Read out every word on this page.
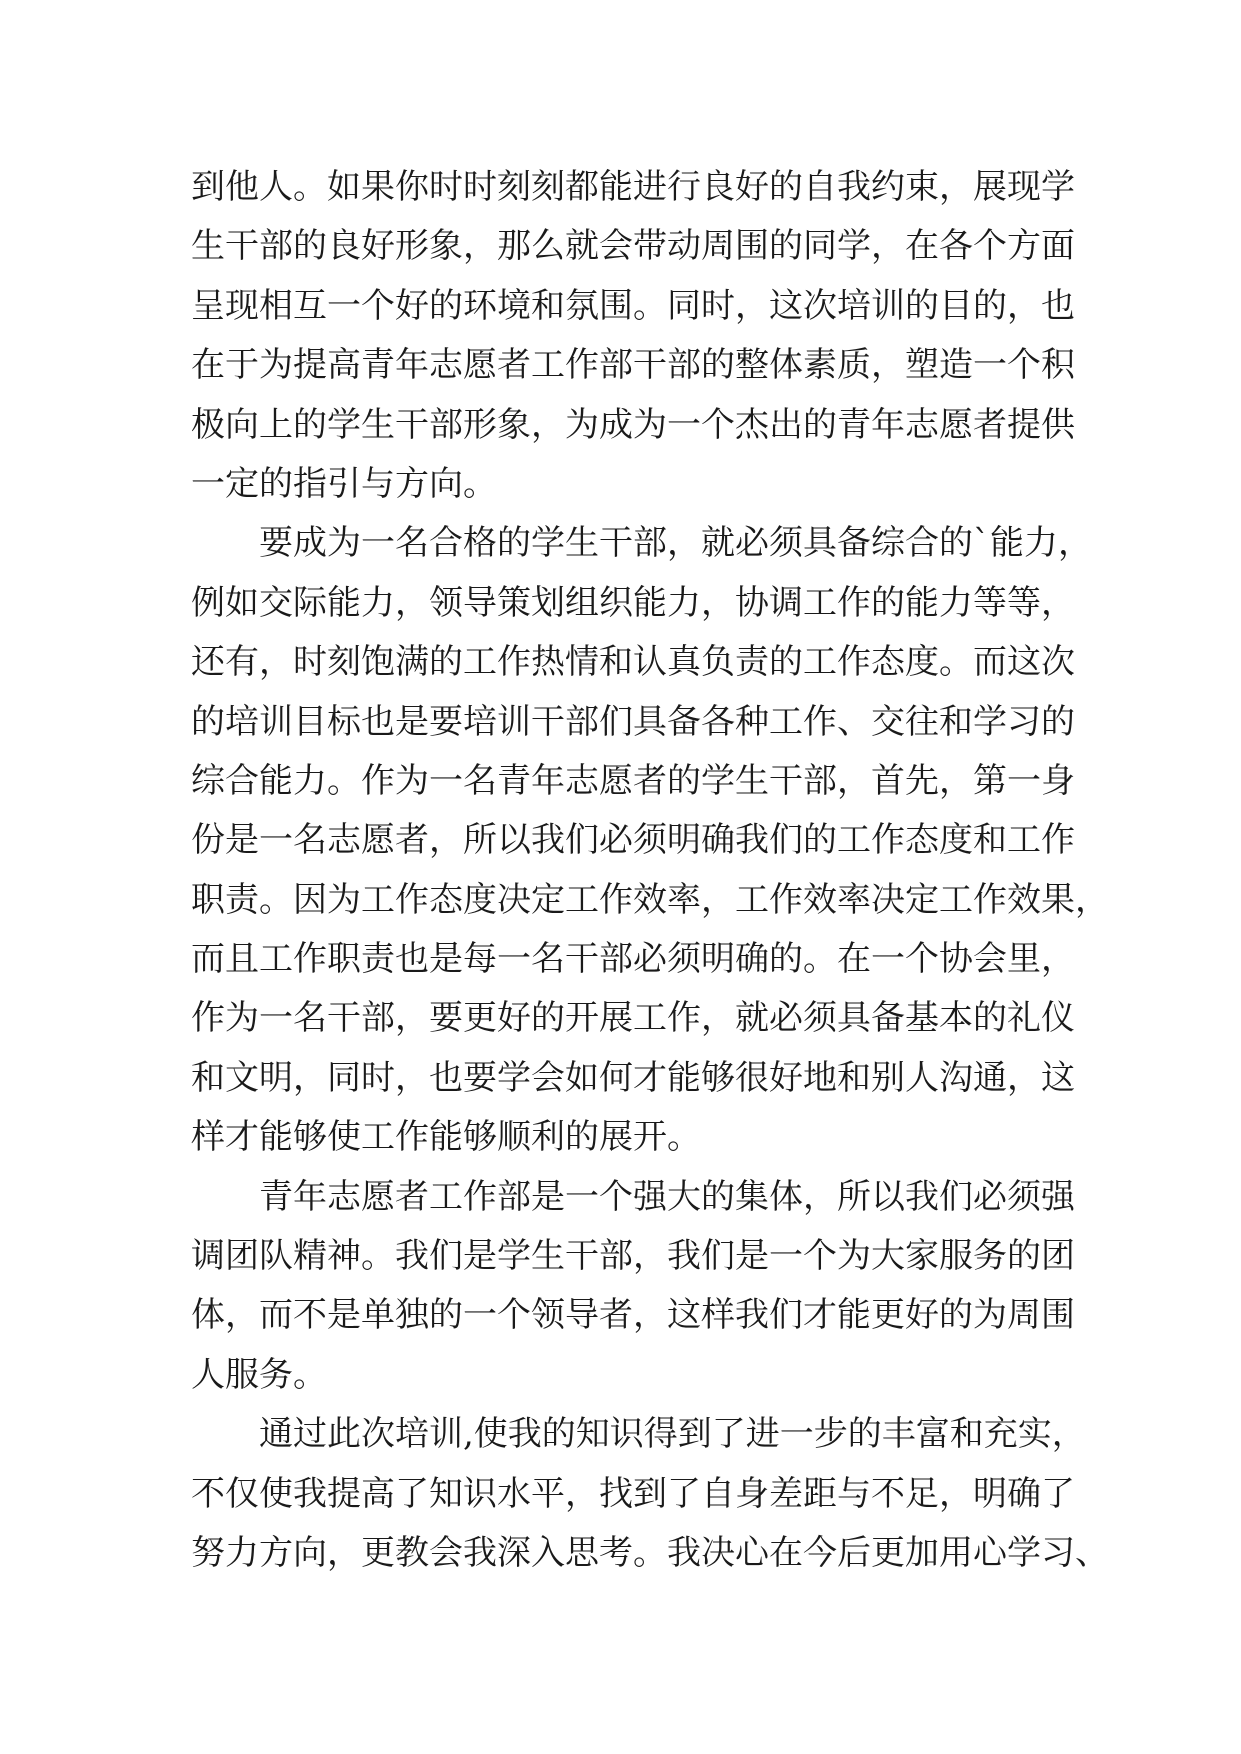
到他人。如果你时时刻刻都能进行良好的自我约束，展现学
生干部的良好形象，那么就会带动周围的同学，在各个方面
呈现相互一个好的环境和氛围。同时，这次培训的目的，也
在于为提高青年志愿者工作部干部的整体素质，塑造一个积
极向上的学生干部形象，为成为一个杰出的青年志愿者提供
一定的指引与方向。
要成为一名合格的学生干部，就必须具备综合的`能力，
例如交际能力，领导策划组织能力，协调工作的能力等等，
还有，时刻饱满的工作热情和认真负责的工作态度。而这次
的培训目标也是要培训干部们具备各种工作、交往和学习的
综合能力。作为一名青年志愿者的学生干部，首先，第一身
份是一名志愿者，所以我们必须明确我们的工作态度和工作
职责。因为工作态度决定工作效率，工作效率决定工作效果，
而且工作职责也是每一名干部必须明确的。在一个协会里，
作为一名干部，要更好的开展工作，就必须具备基本的礼仪
和文明，同时，也要学会如何才能够很好地和别人沟通，这
样才能够使工作能够顺利的展开。
青年志愿者工作部是一个强大的集体，所以我们必须强
调团队精神。我们是学生干部，我们是一个为大家服务的团
体，而不是单独的一个领导者，这样我们才能更好的为周围
人服务。
通过此次培训,使我的知识得到了进一步的丰富和充实，
不仅使我提高了知识水平，找到了自身差距与不足，明确了
努力方向，更教会我深入思考。我决心在今后更加用心学习、
